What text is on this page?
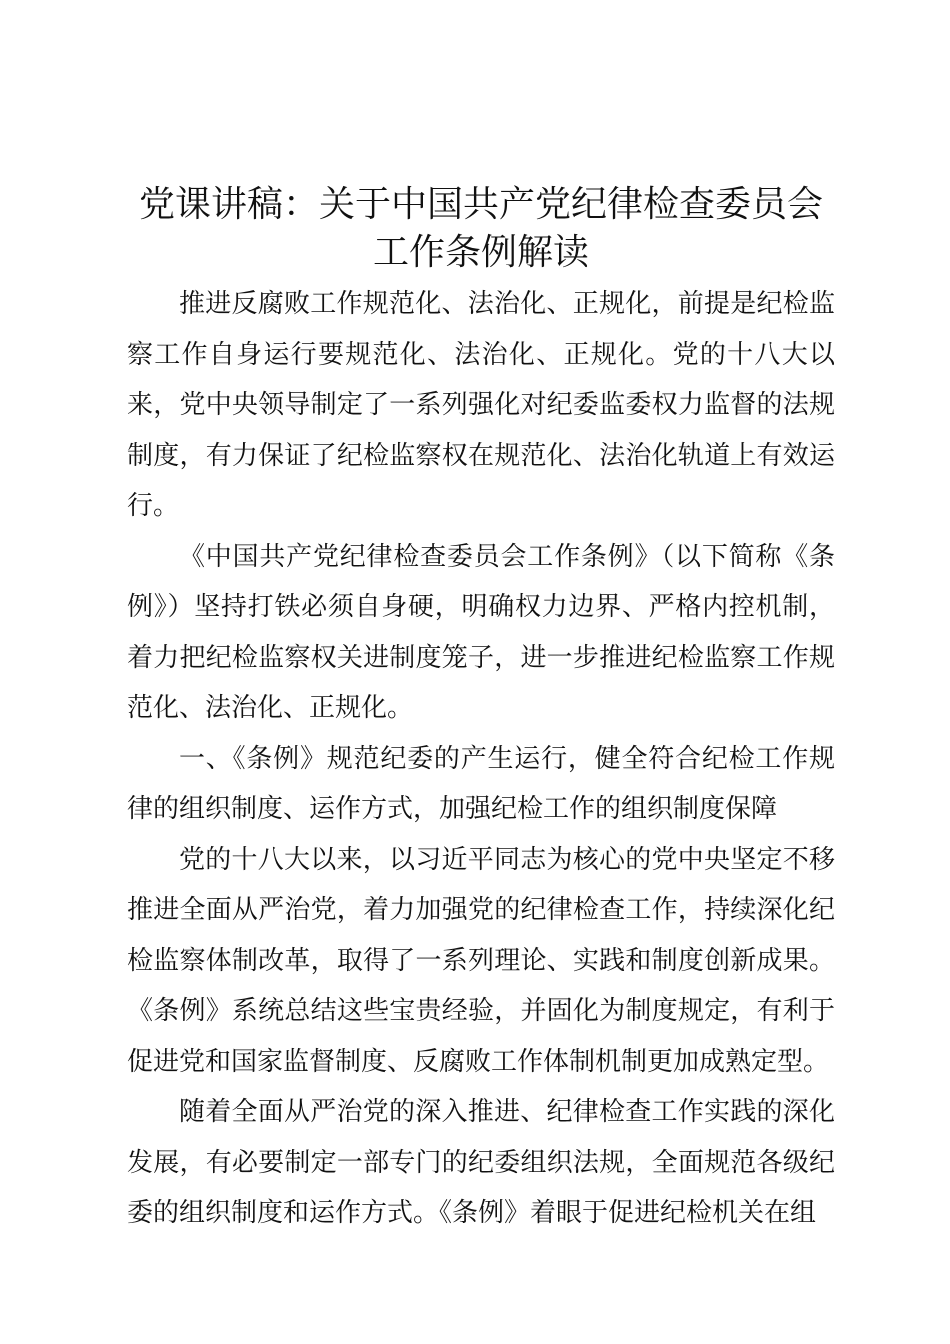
党课讲稿：关于中国共产党纪律检查委员会工作条例解读

推进反腐败工作规范化、法治化、正规化，前提是纪检监察工作自身运行要规范化、法治化、正规化。党的十八大以来，党中央领导制定了一系列强化对纪委监委权力监督的法规制度，有力保证了纪检监察权在规范化、法治化轨道上有效运行。

《中国共产党纪律检查委员会工作条例》（以下简称《条例》）坚持打铁必须自身硬，明确权力边界、严格内控机制，着力把纪检监察权关进制度笼子，进一步推进纪检监察工作规范化、法治化、正规化。

一、《条例》规范纪委的产生运行，健全符合纪检工作规律的组织制度、运作方式，加强纪检工作的组织制度保障

党的十八大以来，以习近平同志为核心的党中央坚定不移推进全面从严治党，着力加强党的纪律检查工作，持续深化纪检监察体制改革，取得了一系列理论、实践和制度创新成果。《条例》系统总结这些宝贵经验，并固化为制度规定，有利于促进党和国家监督制度、反腐败工作体制机制更加成熟定型。

随着全面从严治党的深入推进、纪律检查工作实践的深化发展，有必要制定一部专门的纪委组织法规，全面规范各级纪委的组织制度和运作方式。《条例》着眼于促进纪检机关在组
